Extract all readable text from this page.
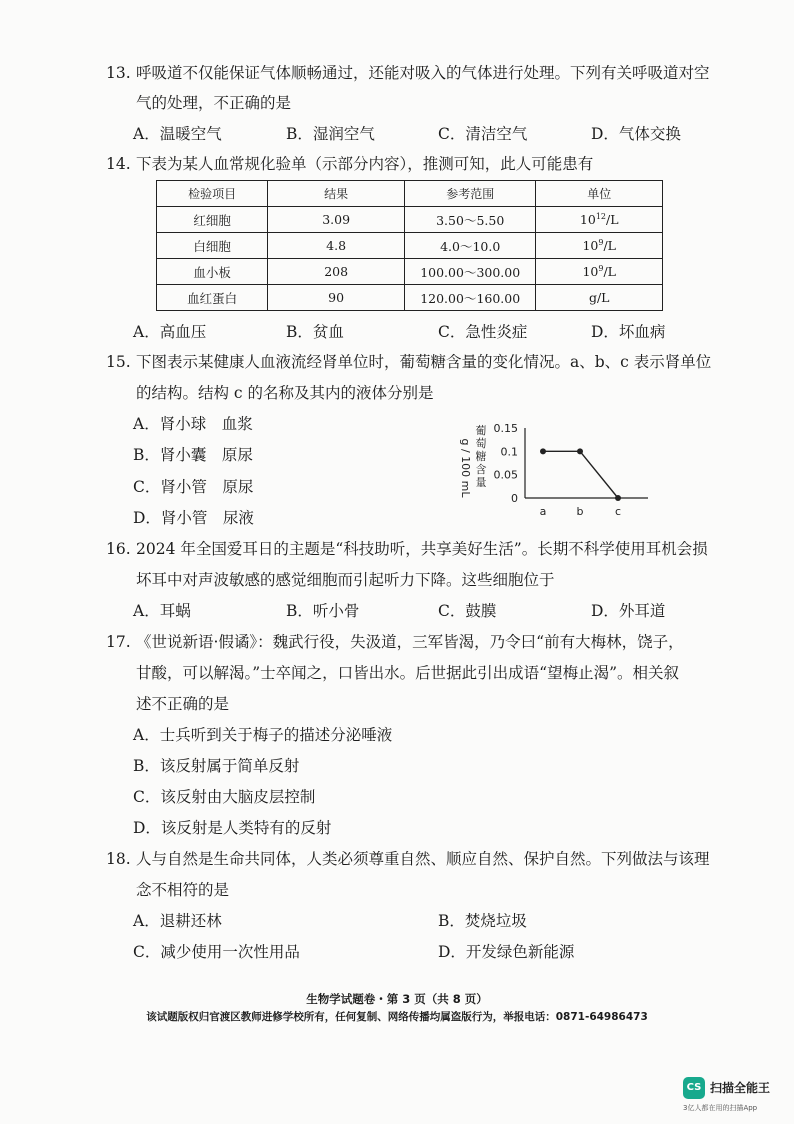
13. 呼吸道不仅能保证气体顺畅通过，还能对吸入的气体进行处理。下列有关呼吸道对空
气的处理，不正确的是
A．温暖空气	B．湿润空气	C．清洁空气	D．气体交换
14. 下表为某人血常规化验单（示部分内容），推测可知，此人可能患有
检验项目	结果	参考范围	单位
红细胞	3.09	3.50～5.50	$10^{12}/L$
白细胞	4.8	4.0～10.0	$10^9/L$
血小板	208	100.00～300.00	$10^9/L$
血红蛋白	90	120.00～160.00	g/L
A．高血压	B．贫血	C．急性炎症	D．坏血病
15. 下图表示某健康人血液流经肾单位时，葡萄糖含量的变化情况。a、b、c 表示肾单位
的结构。结构 c 的名称及其内的液体分别是
A．肾小球　血浆
B．肾小囊　原尿
C．肾小管　原尿
D．肾小管　尿液
g / 100 mL
葡
萄
糖
含
量
0.15
0.1
0.05
0
a	b	c
16. 2024 年全国爱耳日的主题是“科技助听，共享美好生活”。长期不科学使用耳机会损
坏耳中对声波敏感的感觉细胞而引起听力下降。这些细胞位于
A．耳蜗	B．听小骨	C．鼓膜	D．外耳道
17. 《世说新语·假谲》：魏武行役，失汲道，三军皆渴，乃令曰“前有大梅林，饶子，
甘酸，可以解渴。”士卒闻之，口皆出水。后世据此引出成语“望梅止渴”。相关叙
述不正确的是
A．士兵听到关于梅子的描述分泌唾液
B．该反射属于简单反射
C．该反射由大脑皮层控制
D．该反射是人类特有的反射
18. 人与自然是生命共同体，人类必须尊重自然、顺应自然、保护自然。下列做法与该理
念不相符的是
A．退耕还林	B．焚烧垃圾
C．减少使用一次性用品	D．开发绿色新能源
生物学试题卷・第 3 页（共 8 页）
该试题版权归官渡区教师进修学校所有，任何复制、网络传播均属盗版行为，举报电话：0871-64986473
CS 扫描全能王
3亿人都在用的扫描App
